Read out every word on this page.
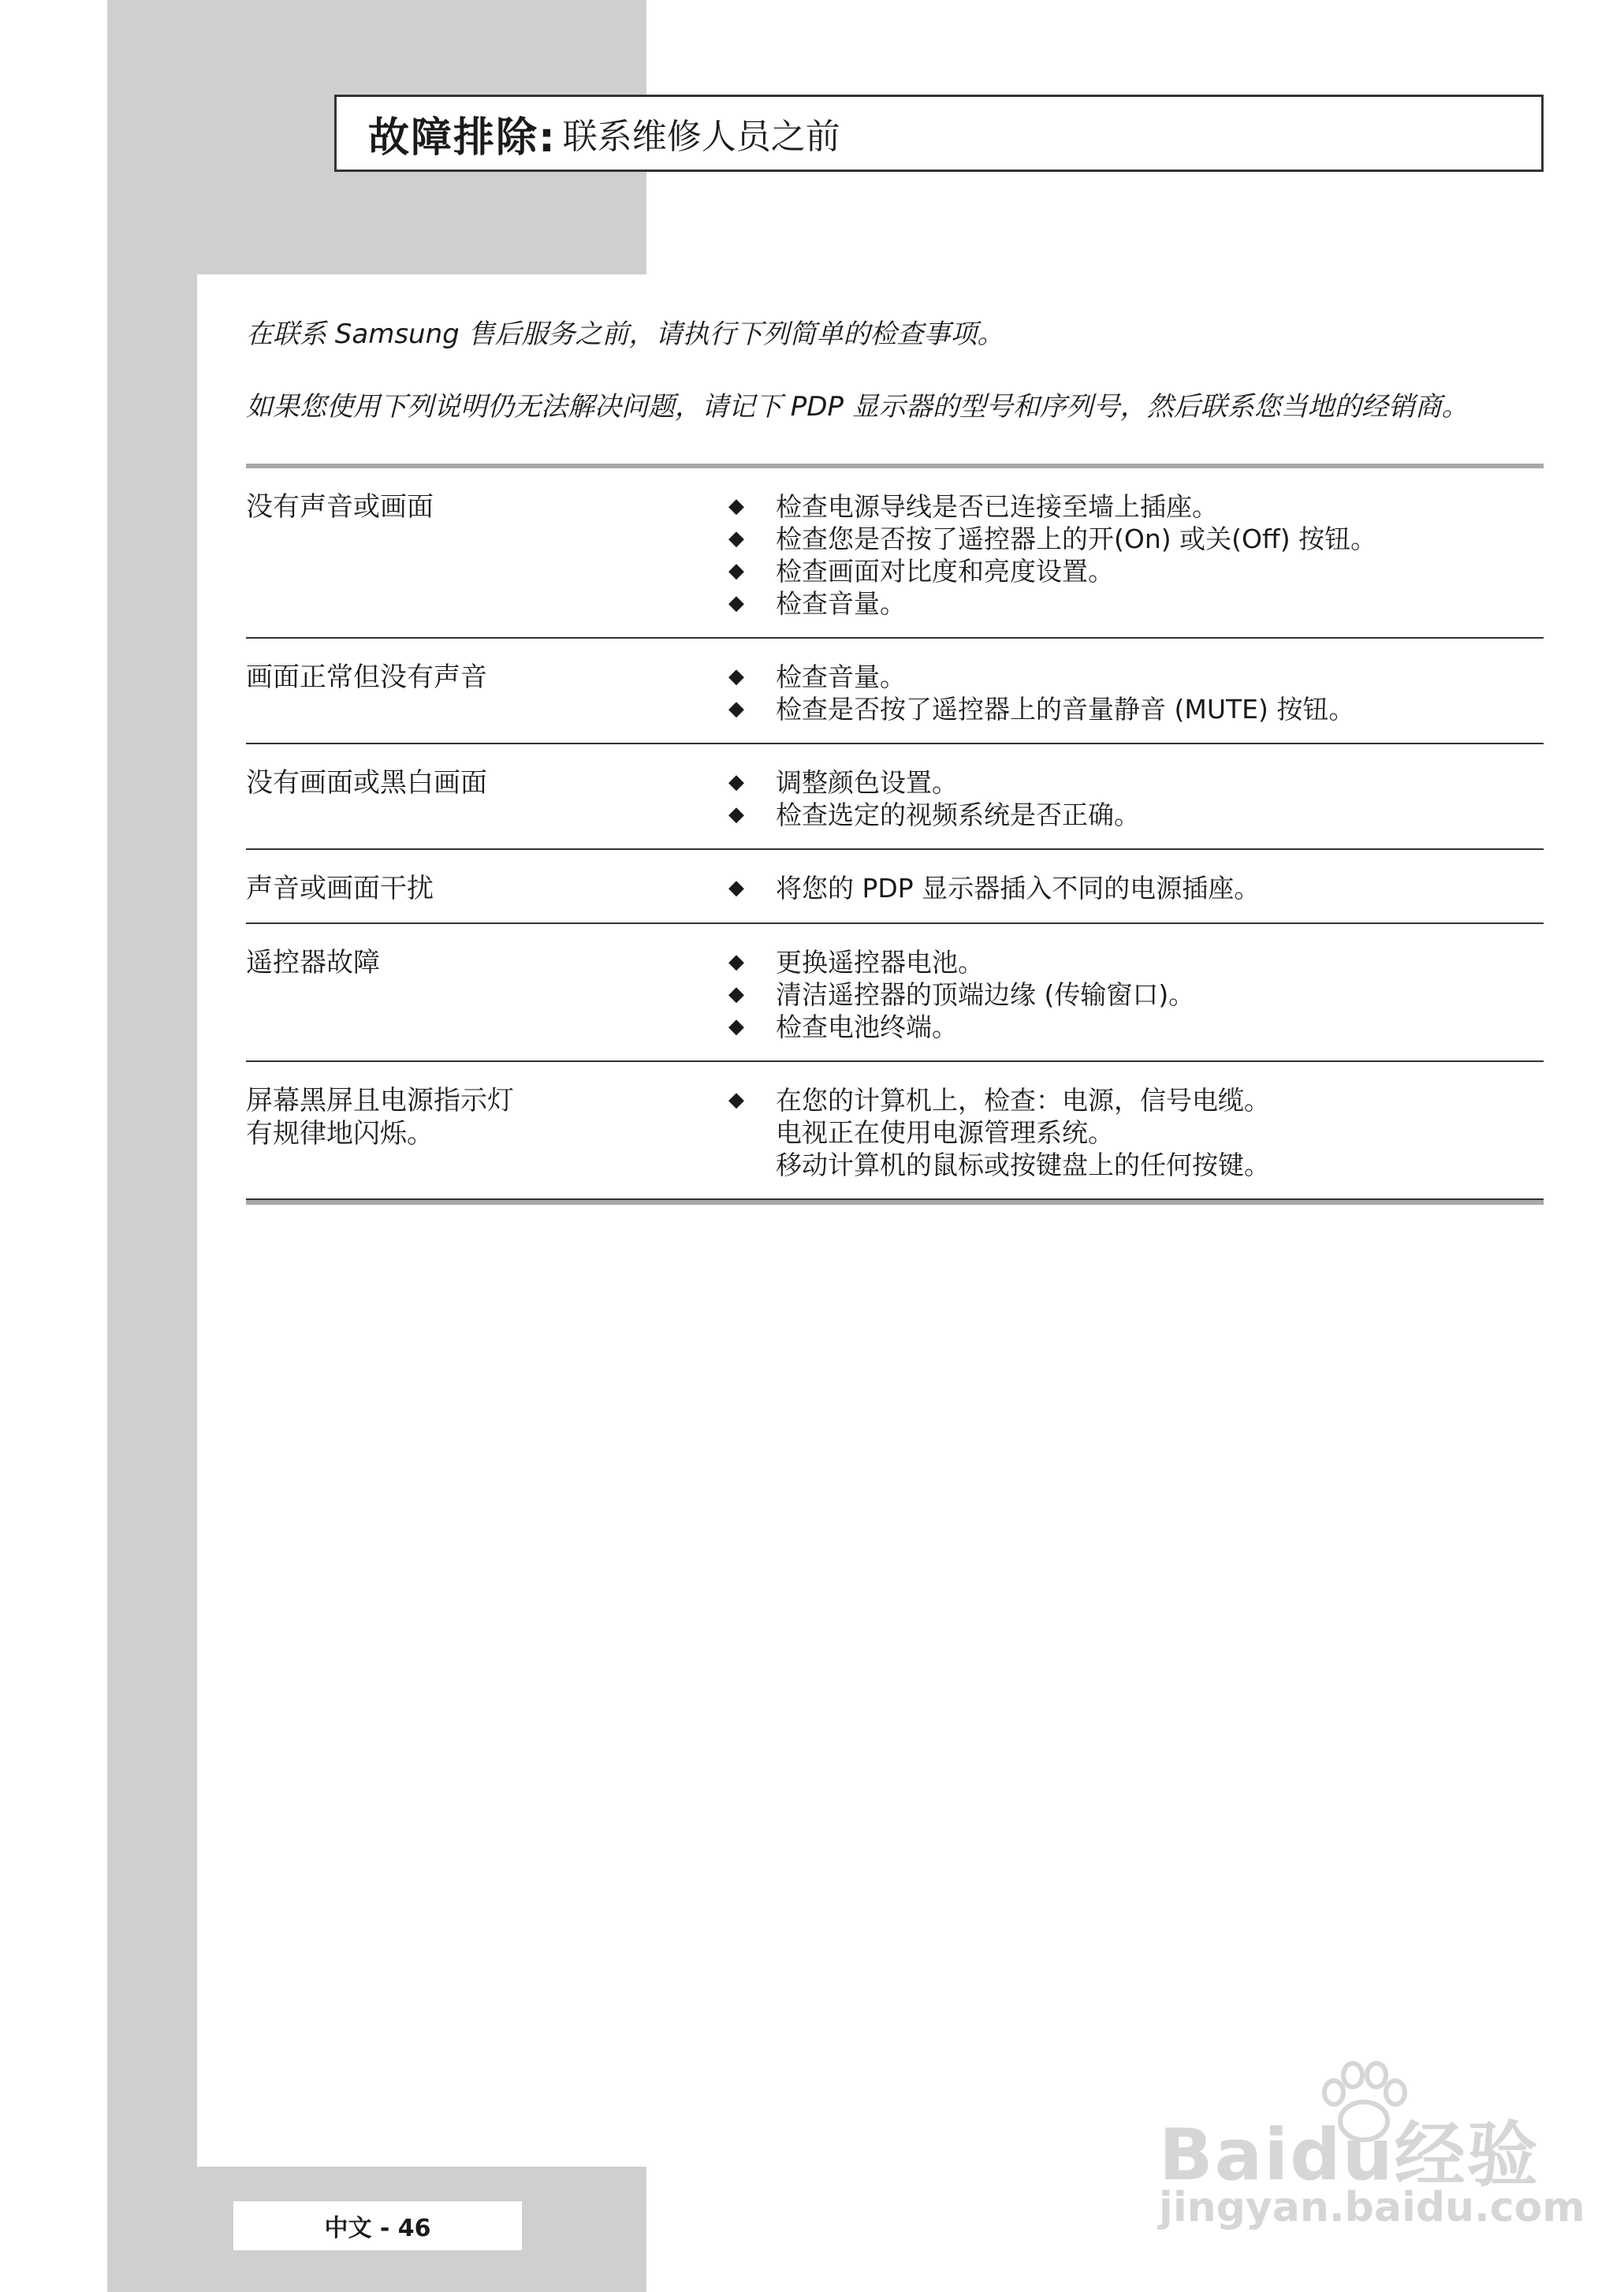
故障排除: 联系维修人员之前
在联系 Samsung 售后服务之前，请执行下列简单的检查事项。
如果您使用下列说明仍无法解决问题，请记下 PDP 显示器的型号和序列号，然后联系您当地的经销商。
没有声音或画面	◆	检查电源导线是否已连接至墙上插座。
◆	检查您是否按了遥控器上的开(On) 或关(Off) 按钮。
◆	检查画面对比度和亮度设置。
◆	检查音量。
画面正常但没有声音	◆	检查音量。
◆	检查是否按了遥控器上的音量静音 (MUTE) 按钮。
没有画面或黑白画面	◆	调整颜色设置。
◆	检查选定的视频系统是否正确。
声音或画面干扰	◆	将您的 PDP 显示器插入不同的电源插座。
遥控器故障	◆	更换遥控器电池。
◆	清洁遥控器的顶端边缘 (传输窗口)。
◆	检查电池终端。
屏幕黑屏且电源指示灯
有规律地闪烁。
◆	在您的计算机上，检查：电源，信号电缆。
电视正在使用电源管理系统。
移动计算机的鼠标或按键盘上的任何按键。
中文 - 46
Baidu经验
jingyan.baidu.com
